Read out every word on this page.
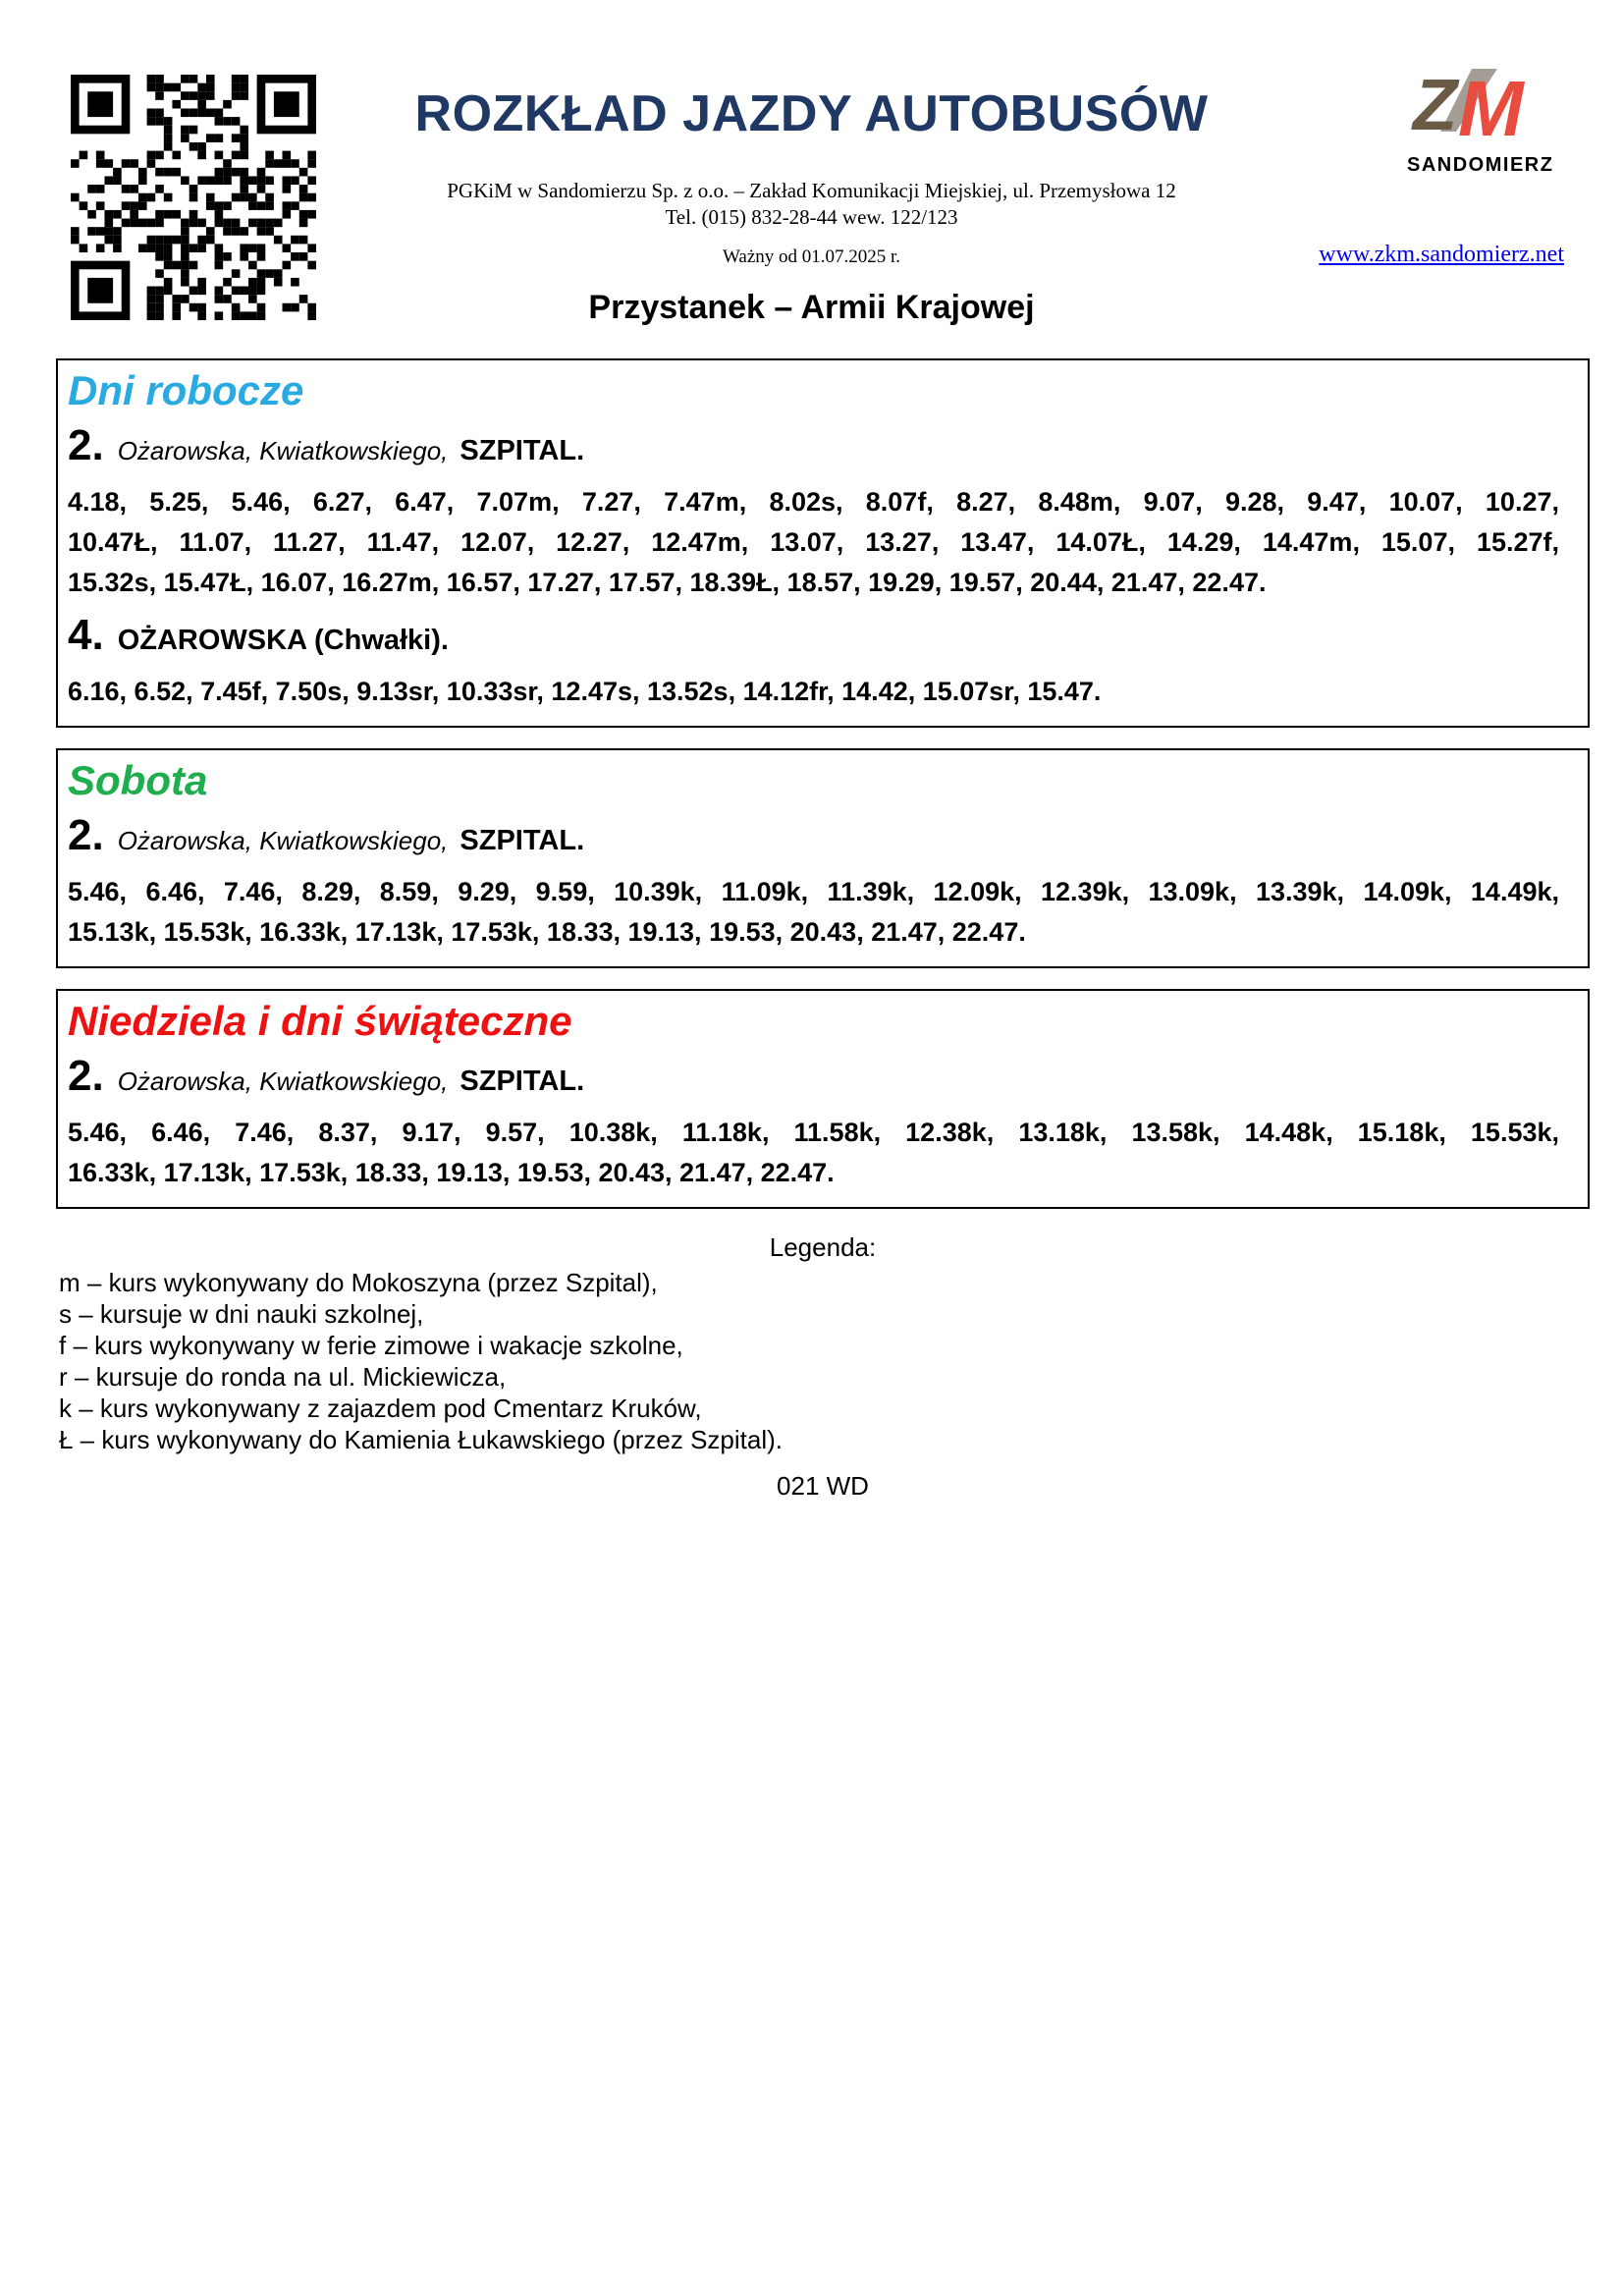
ROZKŁAD JAZDY AUTOBUSÓW
PGKiM w Sandomierzu Sp. z o.o. – Zakład Komunikacji Miejskiej, ul. Przemysłowa 12
Tel. (015) 832-28-44 wew. 122/123
Ważny od 01.07.2025 r.	www.zkm.sandomierz.net
Przystanek – Armii Krajowej
Z M
SANDOMIERZ
Dni robocze
2. Ożarowska, Kwiatkowskiego, SZPITAL.
4.18, 5.25, 5.46, 6.27, 6.47, 7.07m, 7.27, 7.47m, 8.02s, 8.07f, 8.27, 8.48m, 9.07, 9.28, 9.47, 10.07, 10.27,
10.47Ł, 11.07, 11.27, 11.47, 12.07, 12.27, 12.47m, 13.07, 13.27, 13.47, 14.07Ł, 14.29, 14.47m, 15.07, 15.27f,
15.32s, 15.47Ł, 16.07, 16.27m, 16.57, 17.27, 17.57, 18.39Ł, 18.57, 19.29, 19.57, 20.44, 21.47, 22.47.
4. OŻAROWSKA (Chwałki).
6.16, 6.52, 7.45f, 7.50s, 9.13sr, 10.33sr, 12.47s, 13.52s, 14.12fr, 14.42, 15.07sr, 15.47.
Sobota
2. Ożarowska, Kwiatkowskiego, SZPITAL.
5.46, 6.46, 7.46, 8.29, 8.59, 9.29, 9.59, 10.39k, 11.09k, 11.39k, 12.09k, 12.39k, 13.09k, 13.39k, 14.09k, 14.49k,
15.13k, 15.53k, 16.33k, 17.13k, 17.53k, 18.33, 19.13, 19.53, 20.43, 21.47, 22.47.
Niedziela i dni świąteczne
2. Ożarowska, Kwiatkowskiego, SZPITAL.
5.46, 6.46, 7.46, 8.37, 9.17, 9.57, 10.38k, 11.18k, 11.58k, 12.38k, 13.18k, 13.58k, 14.48k, 15.18k, 15.53k,
16.33k, 17.13k, 17.53k, 18.33, 19.13, 19.53, 20.43, 21.47, 22.47.
Legenda:
m – kurs wykonywany do Mokoszyna (przez Szpital),
s – kursuje w dni nauki szkolnej,
f – kurs wykonywany w ferie zimowe i wakacje szkolne,
r – kursuje do ronda na ul. Mickiewicza,
k – kurs wykonywany z zajazdem pod Cmentarz Kruków,
Ł – kurs wykonywany do Kamienia Łukawskiego (przez Szpital).
021 WD
